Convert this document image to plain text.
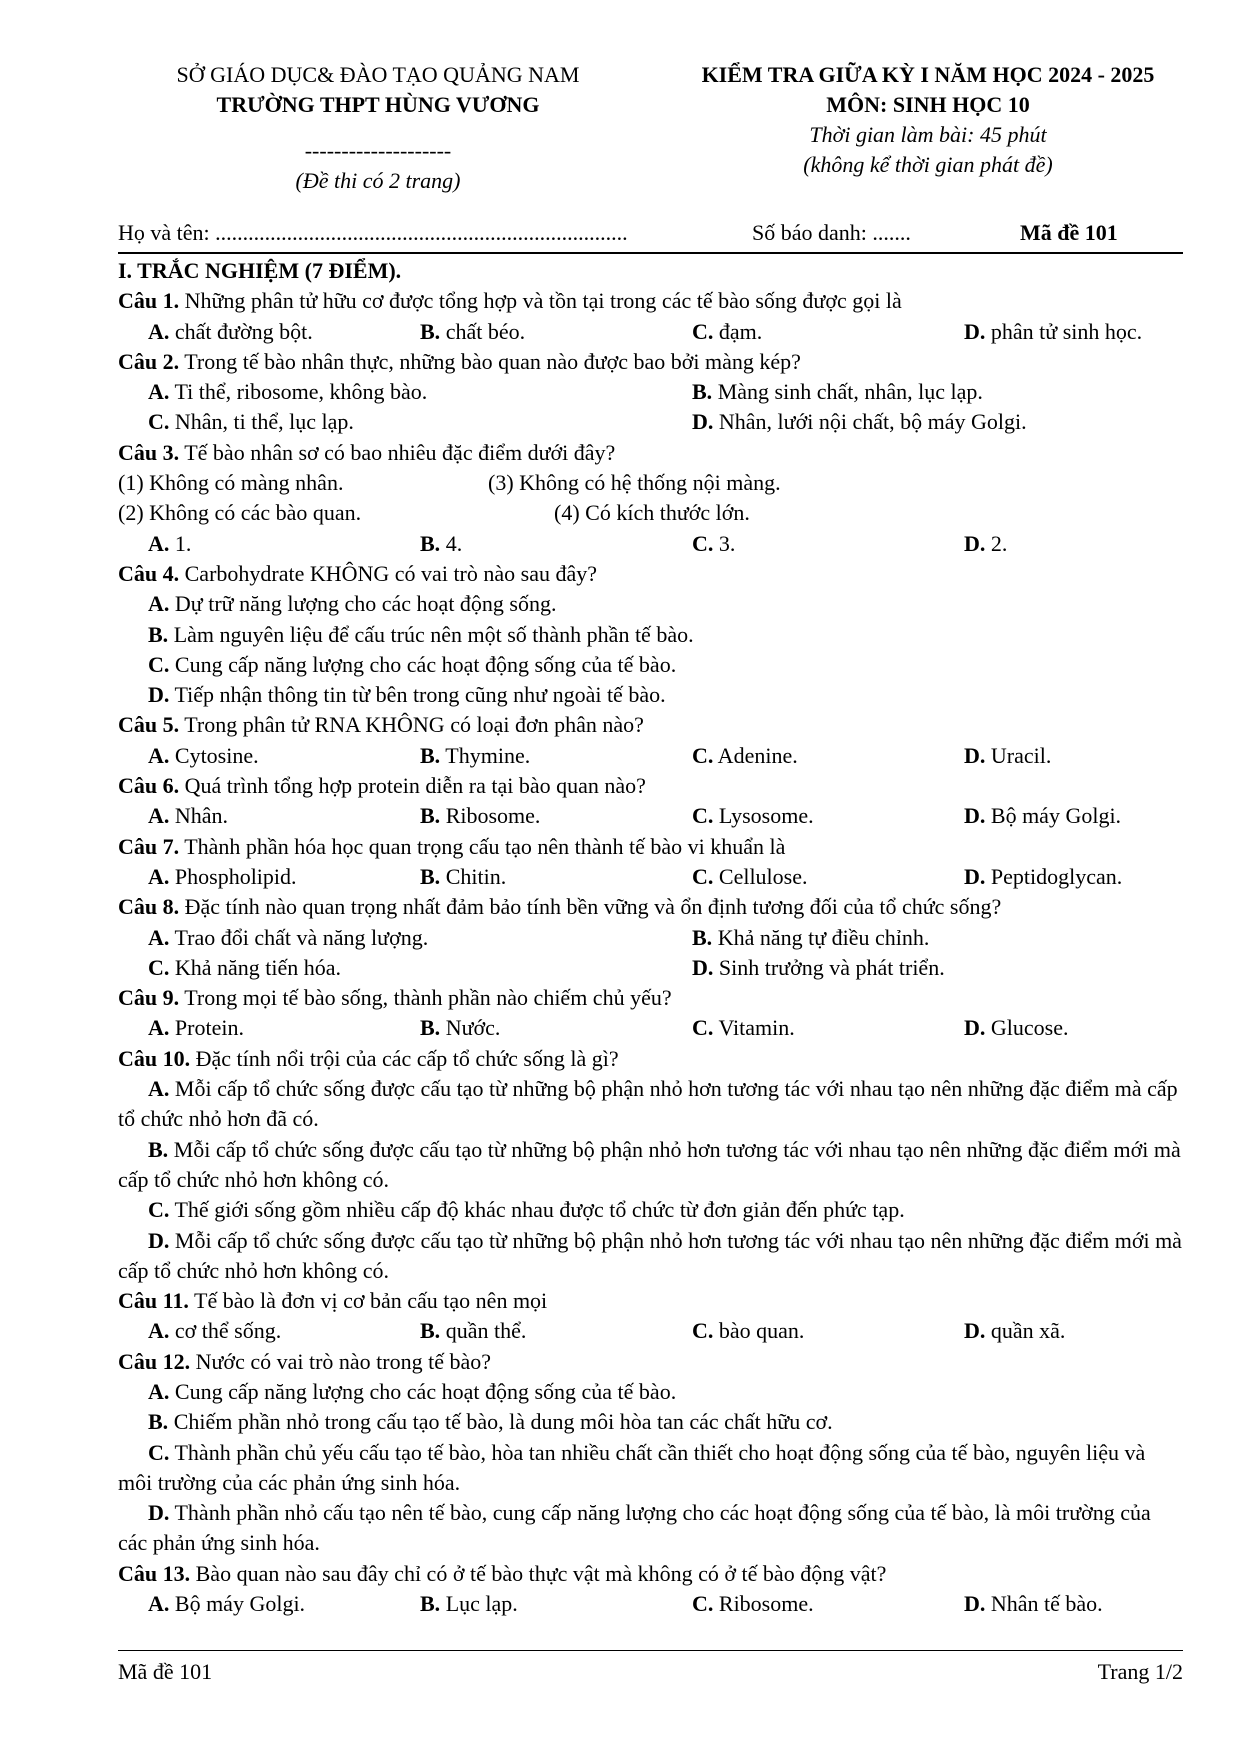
SỞ GIÁO DỤC& ĐÀO TẠO QUẢNG NAM
TRƯỜNG THPT HÙNG VƯƠNG
--------------------
(Đề thi có 2 trang)
KIỂM TRA GIỮA KỲ I NĂM HỌC 2024 - 2025
MÔN: SINH HỌC 10
Thời gian làm bài: 45 phút
(không kể thời gian phát đề)
Họ và tên: ...........................................................................	Số báo danh: .......	Mã đề 101
I. TRẮC NGHIỆM (7 ĐIỂM).
Câu 1. Những phân tử hữu cơ được tổng hợp và tồn tại trong các tế bào sống được gọi là
A. chất đường bột.	B. chất béo.	C. đạm.	D. phân tử sinh học.
Câu 2. Trong tế bào nhân thực, những bào quan nào được bao bởi màng kép?
A. Ti thể, ribosome, không bào.	B. Màng sinh chất, nhân, lục lạp.
C. Nhân, ti thể, lục lạp.	D. Nhân, lưới nội chất, bộ máy Golgi.
Câu 3. Tế bào nhân sơ có bao nhiêu đặc điểm dưới đây?
(1) Không có màng nhân.	(3) Không có hệ thống nội màng.
(2) Không có các bào quan.	(4) Có kích thước lớn.
A. 1.	B. 4.	C. 3.	D. 2.
Câu 4. Carbohydrate KHÔNG có vai trò nào sau đây?
A. Dự trữ năng lượng cho các hoạt động sống.
B. Làm nguyên liệu để cấu trúc nên một số thành phần tế bào.
C. Cung cấp năng lượng cho các hoạt động sống của tế bào.
D. Tiếp nhận thông tin từ bên trong cũng như ngoài tế bào.
Câu 5. Trong phân tử RNA KHÔNG có loại đơn phân nào?
A. Cytosine.	B. Thymine.	C. Adenine.	D. Uracil.
Câu 6. Quá trình tổng hợp protein diễn ra tại bào quan nào?
A. Nhân.	B. Ribosome.	C. Lysosome.	D. Bộ máy Golgi.
Câu 7. Thành phần hóa học quan trọng cấu tạo nên thành tế bào vi khuẩn là
A. Phospholipid.	B. Chitin.	C. Cellulose.	D. Peptidoglycan.
Câu 8. Đặc tính nào quan trọng nhất đảm bảo tính bền vững và ổn định tương đối của tổ chức sống?
A. Trao đổi chất và năng lượng.	B. Khả năng tự điều chỉnh.
C. Khả năng tiến hóa.	D. Sinh trưởng và phát triển.
Câu 9. Trong mọi tế bào sống, thành phần nào chiếm chủ yếu?
A. Protein.	B. Nước.	C. Vitamin.	D. Glucose.
Câu 10. Đặc tính nổi trội của các cấp tổ chức sống là gì?
A. Mỗi cấp tổ chức sống được cấu tạo từ những bộ phận nhỏ hơn tương tác với nhau tạo nên những đặc điểm mà cấp tổ chức nhỏ hơn đã có.
B. Mỗi cấp tổ chức sống được cấu tạo từ những bộ phận nhỏ hơn tương tác với nhau tạo nên những đặc điểm mới mà cấp tổ chức nhỏ hơn không có.
C. Thế giới sống gồm nhiều cấp độ khác nhau được tổ chức từ đơn giản đến phức tạp.
D. Mỗi cấp tổ chức sống được cấu tạo từ những bộ phận nhỏ hơn tương tác với nhau tạo nên những đặc điểm mới mà cấp tổ chức nhỏ hơn không có.
Câu 11. Tế bào là đơn vị cơ bản cấu tạo nên mọi
A. cơ thể sống.	B. quần thể.	C. bào quan.	D. quần xã.
Câu 12. Nước có vai trò nào trong tế bào?
A. Cung cấp năng lượng cho các hoạt động sống của tế bào.
B. Chiếm phần nhỏ trong cấu tạo tế bào, là dung môi hòa tan các chất hữu cơ.
C. Thành phần chủ yếu cấu tạo tế bào, hòa tan nhiều chất cần thiết cho hoạt động sống của tế bào, nguyên liệu và môi trường của các phản ứng sinh hóa.
D. Thành phần nhỏ cấu tạo nên tế bào, cung cấp năng lượng cho các hoạt động sống của tế bào, là môi trường của các phản ứng sinh hóa.
Câu 13. Bào quan nào sau đây chỉ có ở tế bào thực vật mà không có ở tế bào động vật?
A. Bộ máy Golgi.	B. Lục lạp.	C. Ribosome.	D. Nhân tế bào.
Mã đề 101	Trang 1/2
